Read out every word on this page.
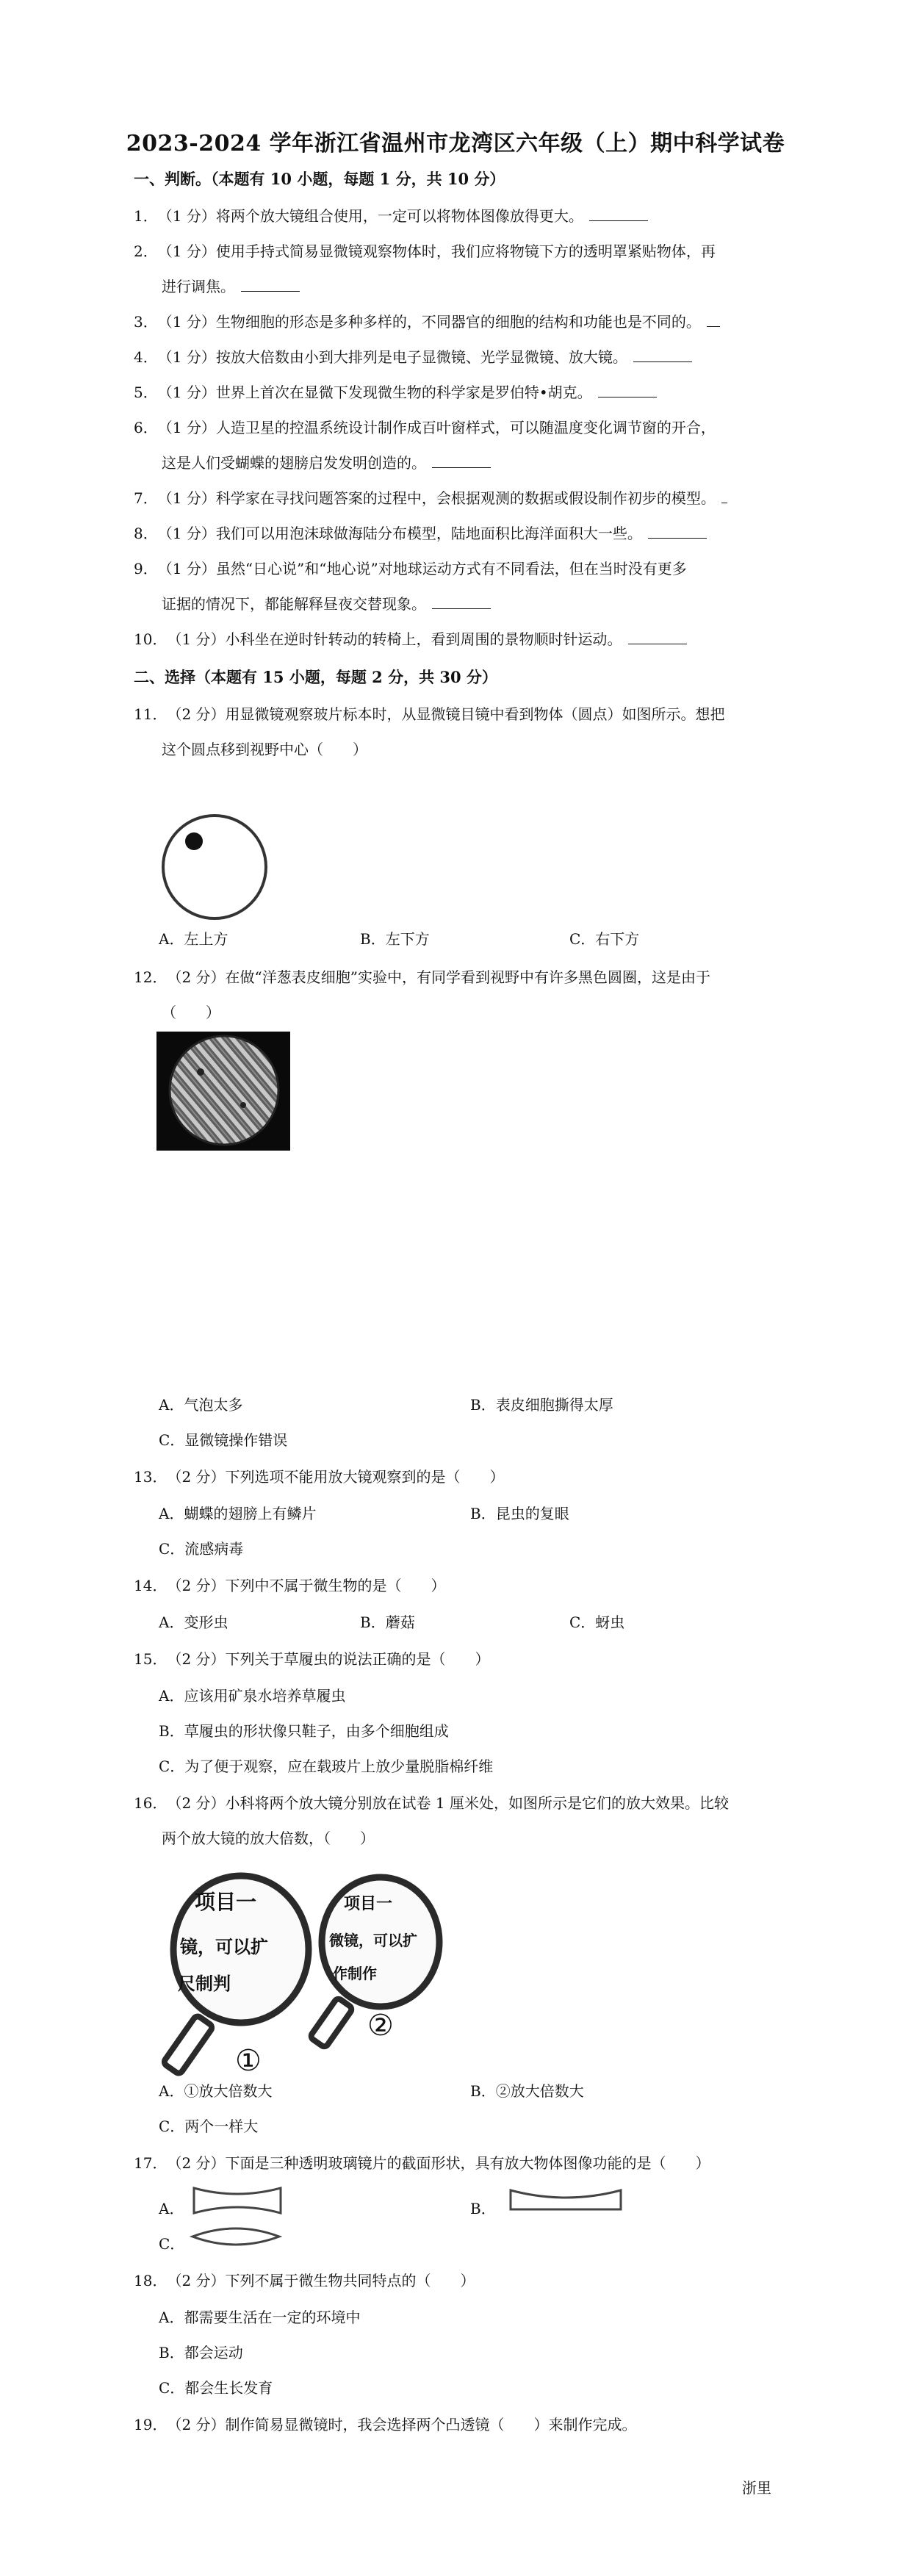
2023-2024 学年浙江省温州市龙湾区六年级（上）期中科学试卷
一、判断。（本题有 10 小题，每题 1 分，共 10 分）
1．（1 分）将两个放大镜组合使用，一定可以将物体图像放得更大。
2．（1 分）使用手持式简易显微镜观察物体时，我们应将物镜下方的透明罩紧贴物体，再
进行调焦。
3．（1 分）生物细胞的形态是多种多样的，不同器官的细胞的结构和功能也是不同的。
4．（1 分）按放大倍数由小到大排列是电子显微镜、光学显微镜、放大镜。
5．（1 分）世界上首次在显微下发现微生物的科学家是罗伯特•胡克。
6．（1 分）人造卫星的控温系统设计制作成百叶窗样式，可以随温度变化调节窗的开合，
这是人们受蝴蝶的翅膀启发发明创造的。
7．（1 分）科学家在寻找问题答案的过程中，会根据观测的数据或假设制作初步的模型。
8．（1 分）我们可以用泡沫球做海陆分布模型，陆地面积比海洋面积大一些。
9．（1 分）虽然“日心说”和“地心说”对地球运动方式有不同看法，但在当时没有更多
证据的情况下，都能解释昼夜交替现象。
10．（1 分）小科坐在逆时针转动的转椅上，看到周围的景物顺时针运动。
二、选择（本题有 15 小题，每题 2 分，共 30 分）
11．（2 分）用显微镜观察玻片标本时，从显微镜目镜中看到物体（圆点）如图所示。想把
这个圆点移到视野中心（　　）
A．左上方	B．左下方	C．右下方
12．（2 分）在做“洋葱表皮细胞”实验中，有同学看到视野中有许多黑色圆圈，这是由于
（　　）
A．气泡太多	B．表皮细胞撕得太厚
C．显微镜操作错误
13．（2 分）下列选项不能用放大镜观察到的是（　　）
A．蝴蝶的翅膀上有鳞片	B．昆虫的复眼
C．流感病毒
14．（2 分）下列中不属于微生物的是（　　）
A．变形虫	B．蘑菇	C．蚜虫
15．（2 分）下列关于草履虫的说法正确的是（　　）
A．应该用矿泉水培养草履虫
B．草履虫的形状像只鞋子，由多个细胞组成
C．为了便于观察，应在载玻片上放少量脱脂棉纤维
16．（2 分）小科将两个放大镜分别放在试卷 1 厘米处，如图所示是它们的放大效果。比较
两个放大镜的放大倍数，（　　）
项目一
镜，可以扩
尺制判
①
项目一
微镜，可以扩
作制作
②
A．①放大倍数大	B．②放大倍数大
C．两个一样大
17．（2 分）下面是三种透明玻璃镜片的截面形状，具有放大物体图像功能的是（　　）
A．	B．
C．
18．（2 分）下列不属于微生物共同特点的（　　）
A．都需要生活在一定的环境中
B．都会运动
C．都会生长发育
19．（2 分）制作简易显微镜时，我会选择两个凸透镜（　　）来制作完成。
浙里
